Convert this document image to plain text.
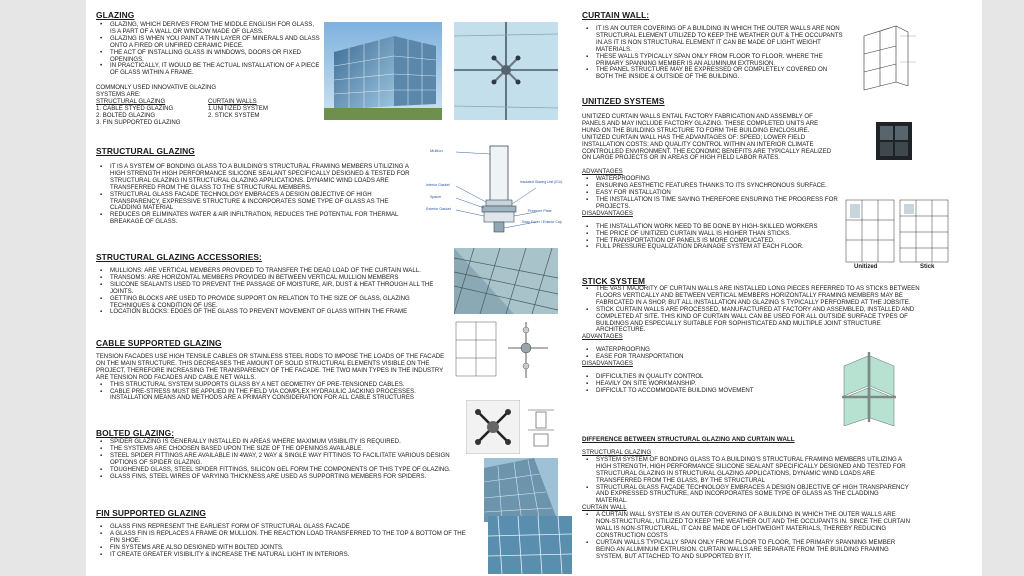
GLAZING
• GLAZING, WHICH DERIVES FROM THE MIDDLE ENGLISH FOR GLASS, IS A PART OF A WALL OR WINDOW MADE OF GLASS.
• GLAZING IS WHEN YOU PAINT A THIN LAYER OF MINERALS AND GLASS ONTO A FIRED OR UNFIRED CERAMIC PIECE.
• THE ACT OF INSTALLING GLASS IN WINDOWS, DOORS OR FIXED OPENINGS.
• IN PRACTICALLY, IT WOULD BE THE ACTUAL INSTALLATION OF A PIECE OF GLASS WITHIN A FRAME.
COMMONLY USED INNOVATIVE GLAZING SYSTEMS ARE:
STRUCTURAL GLAZING
1. CABLE STYED GLAZING
2. BOLTED GLAZING
3. FIN SUPPORTED GLAZING
CURTAIN WALLS
1.UNITIZED SYSTEM
2. STICK SYSTEM
STRUCTURAL GLAZING
▪ IT IS A SYSTEM OF BONDING GLASS TO A BUILDING'S STRUCTURAL FRAMING MEMBERS UTILIZING A HIGH STRENGTH HIGH PERFORMANCE SILICONE SEALANT SPECIFICALLY DESIGNED & TESTED FOR STRUCTURAL GLAZING IN STRUCTURAL GLAZING APPLICATIONS. DYNAMIC WIND LOADS ARE TRANSFERRED FROM THE GLASS TO THE STRUCTURAL MEMBERS.
▪ STRUCTURAL GLASS FACADE TECHNOLOGY EMBRACES A DESIGN OBJECTIVE OF HIGH TRANSPARENCY, EXPRESSIVE STRUCTURE & INCORPORATES SOME TYPE OF GLASS AS THE CLADDING MATERIAL
▪ REDUCES OR ELIMINATES WATER & AIR INFILTRATION, REDUCES THE POTENTIAL FOR THERMAL BREAKAGE OF GLASS.
Mullion
Interior Gasket
Spacer
Exterior Gasket
Insulated Glazing Unit (IGU)
Pressure Plate
Snap Cover / Exterior Cap
STRUCTURAL GLAZING ACCESSORIES:
▪ MULLIONS: ARE VERTICAL MEMBERS PROVIDED TO TRANSFER THE DEAD LOAD OF THE CURTAIN WALL.
▪ TRANSOMS: ARE HORIZONTAL MEMBERS PROVIDED IN BETWEEN VERTICAL MULLION MEMBERS
▪ SILICONE SEALANTS USED TO PREVENT THE PASSAGE OF MOISTURE, AIR, DUST & HEAT THROUGH ALL THE JOINTS.
▪ GETTING BLOCKS ARE USED TO PROVIDE SUPPORT ON RELATION TO THE SIZE OF GLASS, GLAZING TECHNIQUES & CONDITION OF USE.
▪ LOCATION BLOCKS: EDGES OF THE GLASS TO PREVENT MOVEMENT OF GLASS WITHIN THE FRAME
CABLE SUPPORTED GLAZING
TENSION FACADES USE HIGH TENSILE CABLES OR STAINLESS STEEL RODS TO IMPOSE THE LOADS OF THE FACADE ON THE MAIN STRUCTURE. THIS DECREASES THE AMOUNT OF SOLID STRUCTURAL ELEMENTS VISIBLE ON THE PROJECT, THEREFORE INCREASING THE TRANSPARENCY OF THE FACADE. THE TWO MAIN TYPES IN THE INDUSTRY ARE TENSION ROD FACADES AND CABLE NET WALLS.
▪ THIS STRUCTURAL SYSTEM SUPPORTS GLASS BY A NET GEOMETRY OF PRE-TENSIONED CABLES.
▪ CABLE PRE-STRESS MUST BE APPLIED IN THE FIELD VIA COMPLEX HYDRAULIC JACKING PROCESSES. INSTALLATION MEANS AND METHODS ARE A PRIMARY CONSIDERATION FOR ALL CABLE STRUCTURES
BOLTED GLAZING:
▪ SPIDER GLAZING IS GENERALLY INSTALLED IN AREAS WHERE MAXIMUM VISIBILITY IS REQUIRED.
▪ THE SYSTEMS ARE CHOOSEN BASED UPON THE SIZE OF THE OPENINGS AVAILABLE.
▪ STEEL SPIDER FITTINGS ARE AVAILABLE IN 4WAY, 2 WAY & SINGLE WAY FITTINGS TO FACILITATE VARIOUS DESIGN OPTIONS OF SPIDER GLAZING.
▪ TOUGHENED GLASS, STEEL SPIDER FITTINGS, SILICON GEL FORM THE COMPONENTS OF THIS TYPE OF GLAZING.
▪ GLASS FINS, STEEL WIRES OF VARYING THICKNESS ARE USED AS SUPPORTING MEMBERS FOR SPIDERS.
FIN SUPPORTED GLAZING
▪ GLASS FINS REPRESENT THE EARLIEST FORM OF STRUCTURAL GLASS FACADE
▪ A GLASS FIN IS REPLACES A FRAME OR MULLION. THE REACTION LOAD TRANSFERRED TO THE TOP & BOTTOM OF THE FIN SHOE.
▪ FIN SYSTEMS ARE ALSO DESIGNED WITH BOLTED JOINTS.
▪ IT CREATE GREATER VISIBILITY & INCREASE THE NATURAL LIGHT IN INTERIORS.
CURTAIN WALL:
▪ IT IS AN OUTER COVERING OF A BUILDING IN WHICH THE OUTER WALLS ARE NON STRUCTURAL ELEMENT UTILIZED TO KEEP THE WEATHER OUT & THE OCCUPANTS IN.AS IT IS NON STRUCTURAL ELEMENT IT CAN BE MADE OF LIGHT WEIGHT MATERIALS.
▪ THESE WALLS TYPICALLY SPAN ONLY FROM FLOOR TO FLOOR. WHERE THE PRIMARY SPANNING MEMBER IS AN ALUMINUM EXTRUSION.
▪ THE PANEL STRUCTURE MAY BE EXPRESSED OR COMPLETELY COVERED ON BOTH THE INSIDE & OUTSIDE OF THE BUILDING.
UNITIZED SYSTEMS
UNITIZED CURTAIN WALLS ENTAIL FACTORY FABRICATION AND ASSEMBLY OF PANELS AND MAY INCLUDE FACTORY GLAZING. THESE COMPLETED UNITS ARE HUNG ON THE BUILDING STRUCTURE TO FORM THE BUILDING ENCLOSURE. UNITIZED CURTAIN WALL HAS THE ADVANTAGES OF: SPEED; LOWER FIELD INSTALLATION COSTS; AND QUALITY CONTROL WITHIN AN INTERIOR CLIMATE CONTROLLED ENVIRONMENT. THE ECONOMIC BENEFITS ARE TYPICALLY REALIZED ON LARGE PROJECTS OR IN AREAS OF HIGH FIELD LABOR RATES.
ADVANTAGES
▪ WATERPROOFING
▪ ENSURING AESTHETIC FEATURES THANKS TO ITS SYNCHRONOUS SURFACE.
▪ EASY FOR INSTALLATION
▪ THE INSTALLATION IS TIME SAVING THEREFORE ENSURING THE PROGRESS FOR PROJECTS.
DISADVANTAGES
▪ THE INSTALLATION WORK NEED TO BE DONE BY HIGH-SKILLED WORKERS
▪ THE PRICE OF UNITIZED CURTAIN WALL IS HIGHER THAN STICKS.
▪ THE TRANSPORTATION OF PANELS IS MORE COMPLICATED.
▪ FULL PRESSURE EQUALIZATION DRAINAGE SYSTEM AT EACH FLOOR.
Unitized	Stick
STICK SYSTEM
▪ THE VAST MAJORITY OF CURTAIN WALLS ARE INSTALLED LONG PIECES REFERRED TO AS STICKS BETWEEN FLOORS VERTICALLY AND BETWEEN VERTICAL MEMBERS HORIZONTALLY FRAMING MEMBERS MAY BE FABRICATED IN A SHOP, BUT ALL INSTALLATION AND GLAZING S TYPICALLY PERFORMED AT THE JOBSITE.
▪ STICK CURTAIN WALLS ARE PROCESSED, MANUFACTURED AT FACTORY AND ASSEMBLED, INSTALLED AND COMPLETED AT SITE. THIS KIND OF CURTAIN WALL CAN BE USED FOR ALL OUTSIDE SURFACE TYPES OF BUILDINGS AND ESPECIALLY SUITABLE FOR SOPHISTICATED AND MULTIPLE JOINT STRUCTURE ARCHITECTURE.
ADVANTAGES
▪ WATERPROOFING
▪ EASE FOR TRANSPORTATION
DISADVANTAGES
▪ DIFFICULTIES IN QUALITY CONTROL
▪ HEAVILY ON SITE WORKMANSHIP.
▪ DIFFICULT TO ACCOMMODATE BUILDING MOVEMENT
DIFFERENCE BETWEEN STRUCTURAL GLAZING AND CURTAIN WALL
STRUCTURAL GLAZING
▪ SYSTEM SYSTEM OF BONDING GLASS TO A BUILDING'S STRUCTURAL FRAMING MEMBERS UTILIZING A HIGH STRENGTH, HIGH PERFORMANCE SILICONE SEALANT SPECIFICALLY DESIGNED AND TESTED FOR STRUCTURAL GLAZING IN STRUCTURAL GLAZING APPLICATIONS, DYNAMIC WIND LOADS ARE TRANSFERRED FROM THE GLASS, BY THE STRUCTURAL
▪ STRUCTURAL GLASS FAÇADE TECHNOLOGY EMBRACES A DESIGN OBJECTIVE OF HIGH TRANSPARENCY AND EXPRESSED STRUCTURE, AND INCORPORATES SOME TYPE OF GLASS AS THE CLADDING MATERIAL.
CURTAIN WALL
▪ A CURTAIN WALL SYSTEM IS AN OUTER COVERING OF A BUILDING IN WHICH THE OUTER WALLS ARE NON-STRUCTURAL, UTILIZED TO KEEP THE WEATHER OUT AND THE OCCUPANTS IN. SINCE THE CURTAIN WALL IS NON-STRUCTURAL, IT CAN BE MADE OF LIGHTWEIGHT MATERIALS, THEREBY REDUCING CONSTRUCTION COSTS
▪ CURTAIN WALLS TYPICALLY SPAN ONLY FROM FLOOR TO FLOOR, THE PRIMARY SPANNING MEMBER BEING AN ALUMINUM EXTRUSION. CURTAIN WALLS ARE SEPARATE FROM THE BUILDING FRAMING SYSTEM, BUT ATTACHED TO AND SUPPORTED BY IT.
